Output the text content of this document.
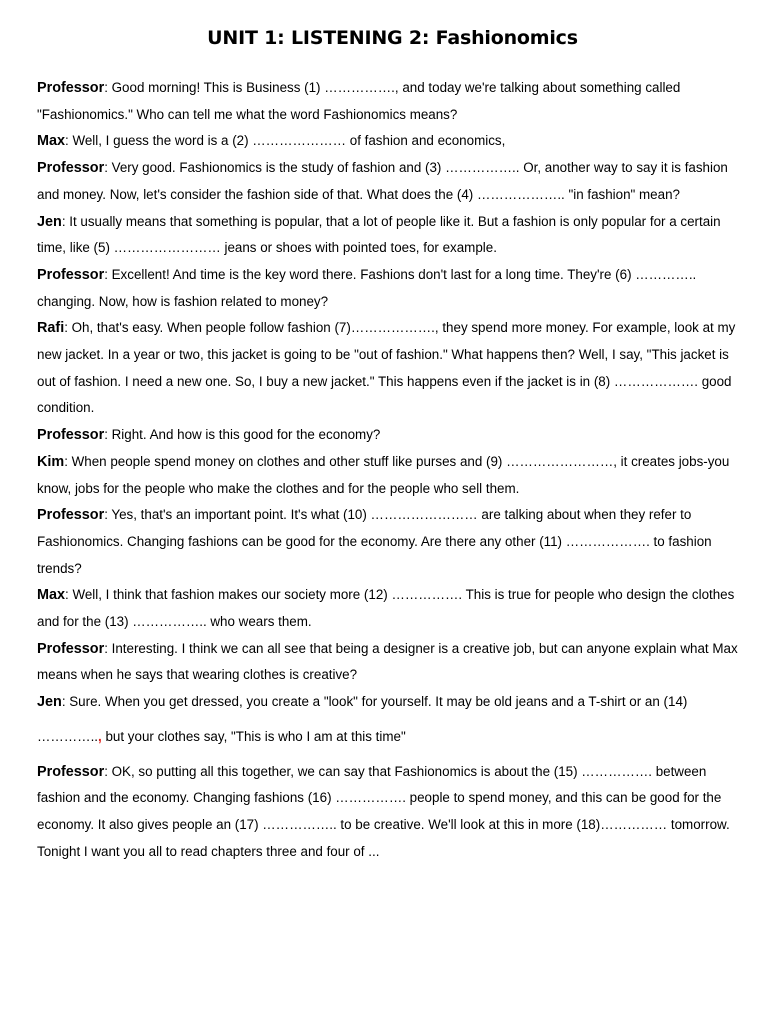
UNIT 1: LISTENING 2: Fashionomics

Professor: Good morning! This is Business (1) ……………., and today we're talking about something called "Fashionomics." Who can tell me what the word Fashionomics means?

Max: Well, I guess the word is a (2) ………………… of fashion and economics,

Professor: Very good. Fashionomics is the study of fashion and (3) …………….. Or, another way to say it is fashion and money. Now, let's consider the fashion side of that. What does the (4) ……………….. "in fashion" mean?

Jen: It usually means that something is popular, that a lot of people like it. But a fashion is only popular for a certain time, like (5) …………………… jeans or shoes with pointed toes, for example.

Professor: Excellent! And time is the key word there. Fashions don't last for a long time. They're (6) ………….. changing. Now, how is fashion related to money?

Rafi: Oh, that's easy. When people follow fashion (7)………………., they spend more money. For example, look at my new jacket. In a year or two, this jacket is going to be "out of fashion." What happens then? Well, I say, "This jacket is out of fashion. I need a new one. So, I buy a new jacket." This happens even if the jacket is in (8) ………………. good condition.

Professor: Right. And how is this good for the economy?

Kim: When people spend money on clothes and other stuff like purses and (9) ……………………, it creates jobs-you know, jobs for the people who make the clothes and for the people who sell them.

Professor: Yes, that's an important point. It's what (10) …………………… are talking about when they refer to Fashionomics. Changing fashions can be good for the economy. Are there any other (11) ………………. to fashion trends?

Max: Well, I think that fashion makes our society more (12) ……………. This is true for people who design the clothes and for the (13) …………….. who wears them.

Professor: Interesting. I think we can all see that being a designer is a creative job, but can anyone explain what Max means when he says that wearing clothes is creative?

Jen: Sure. When you get dressed, you create a "look" for yourself. It may be old jeans and a T-shirt or an (14)

………….., but your clothes say, "This is who I am at this time"

Professor: OK, so putting all this together, we can say that Fashionomics is about the (15) ……………. between fashion and the economy. Changing fashions (16) ……………. people to spend money, and this can be good for the economy. It also gives people an (17) …………….. to be creative. We'll look at this in more (18)…………… tomorrow. Tonight I want you all to read chapters three and four of ...
